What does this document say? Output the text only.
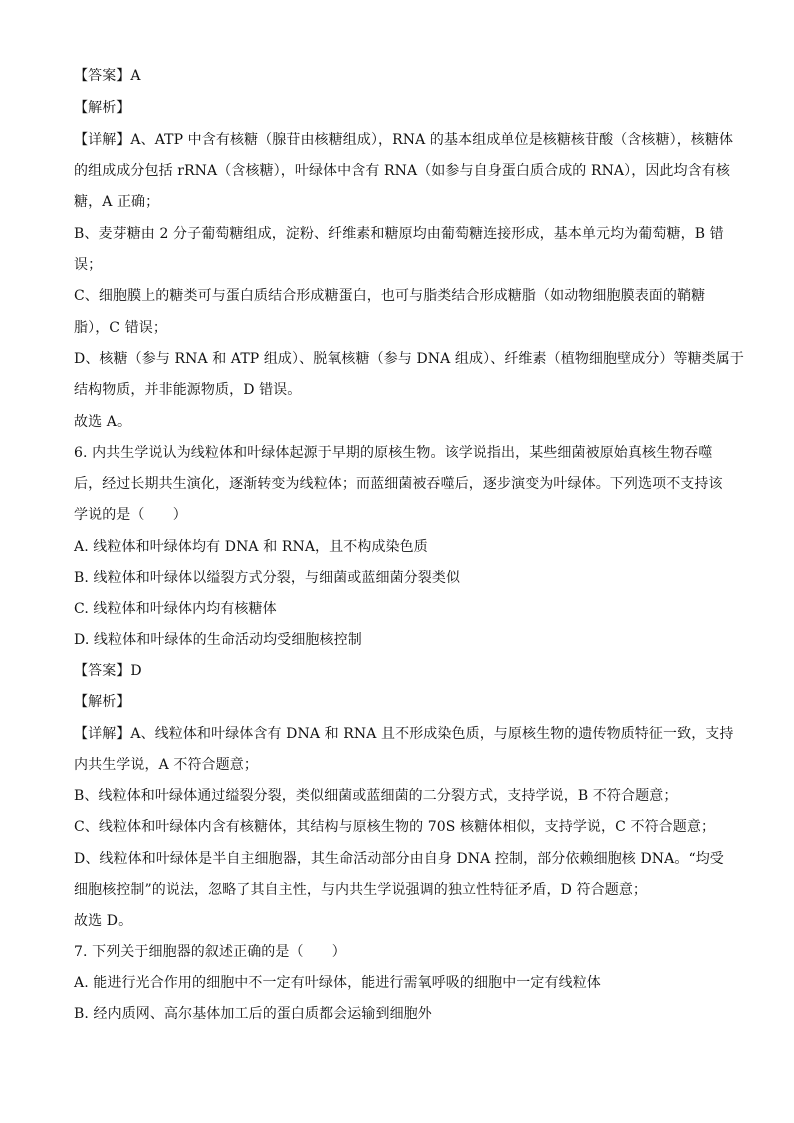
【答案】A
【解析】
【详解】A、ATP 中含有核糖（腺苷由核糖组成），RNA 的基本组成单位是核糖核苷酸（含核糖），核糖体
的组成成分包括 rRNA（含核糖），叶绿体中含有 RNA（如参与自身蛋白质合成的 RNA），因此均含有核
糖，A 正确；
B、麦芽糖由 2 分子葡萄糖组成，淀粉、纤维素和糖原均由葡萄糖连接形成，基本单元均为葡萄糖，B 错
误；
C、细胞膜上的糖类可与蛋白质结合形成糖蛋白，也可与脂类结合形成糖脂（如动物细胞膜表面的鞘糖
脂），C 错误；
D、核糖（参与 RNA 和 ATP 组成）、脱氧核糖（参与 DNA 组成）、纤维素（植物细胞壁成分）等糖类属于
结构物质，并非能源物质，D 错误。
故选 A。
6. 内共生学说认为线粒体和叶绿体起源于早期的原核生物。该学说指出，某些细菌被原始真核生物吞噬
后，经过长期共生演化，逐渐转变为线粒体；而蓝细菌被吞噬后，逐步演变为叶绿体。下列选项不支持该
学说的是（　　）
A. 线粒体和叶绿体均有 DNA 和 RNA，且不构成染色质
B. 线粒体和叶绿体以缢裂方式分裂，与细菌或蓝细菌分裂类似
C. 线粒体和叶绿体内均有核糖体
D. 线粒体和叶绿体的生命活动均受细胞核控制
【答案】D
【解析】
【详解】A、线粒体和叶绿体含有 DNA 和 RNA 且不形成染色质，与原核生物的遗传物质特征一致，支持
内共生学说，A 不符合题意；
B、线粒体和叶绿体通过缢裂分裂，类似细菌或蓝细菌的二分裂方式，支持学说，B 不符合题意；
C、线粒体和叶绿体内含有核糖体，其结构与原核生物的 70S 核糖体相似，支持学说，C 不符合题意；
D、线粒体和叶绿体是半自主细胞器，其生命活动部分由自身 DNA 控制，部分依赖细胞核 DNA。“均受
细胞核控制”的说法，忽略了其自主性，与内共生学说强调的独立性特征矛盾，D 符合题意；
故选 D。
7. 下列关于细胞器的叙述正确的是（　　）
A. 能进行光合作用的细胞中不一定有叶绿体，能进行需氧呼吸的细胞中一定有线粒体
B. 经内质网、高尔基体加工后的蛋白质都会运输到细胞外
